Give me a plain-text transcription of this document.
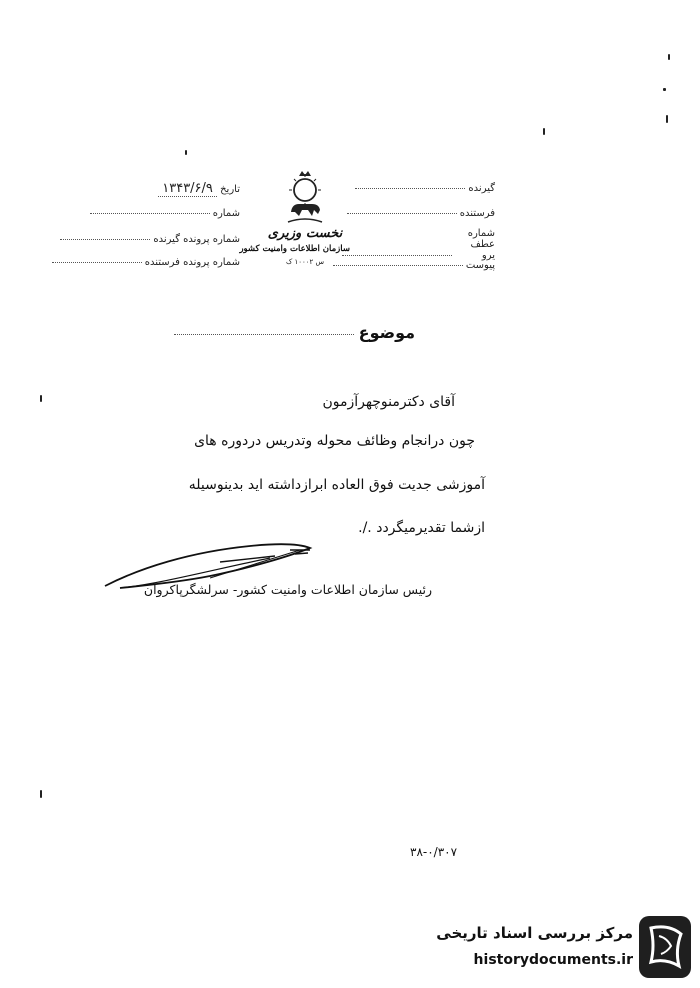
گیرنده
فرستنده
شماره عطف یرو
پیوست
نخست وزیری
سازمان اطلاعات وامنیت کشور
س ۱۰۰۰۲ ک
تاریخ ۱۳۴۳/۶/۹
شماره
شماره پرونده گیرنده
شماره پرونده فرستنده
موضوع
آقای دکترمنوچهرآزمون
چون درانجام وظائف محوله وتدریس دردوره های
آموزشی جدیت فوق العاده ابرازداشته اید بدینوسیله
ازشما تقدیرمیگردد ./.
رئیس سازمان اطلاعات وامنیت کشور- سرلشگرپاکروان
۳۸-۰/۳۰۷
مرکز بررسی اسناد تاریخی
historydocuments.ir
